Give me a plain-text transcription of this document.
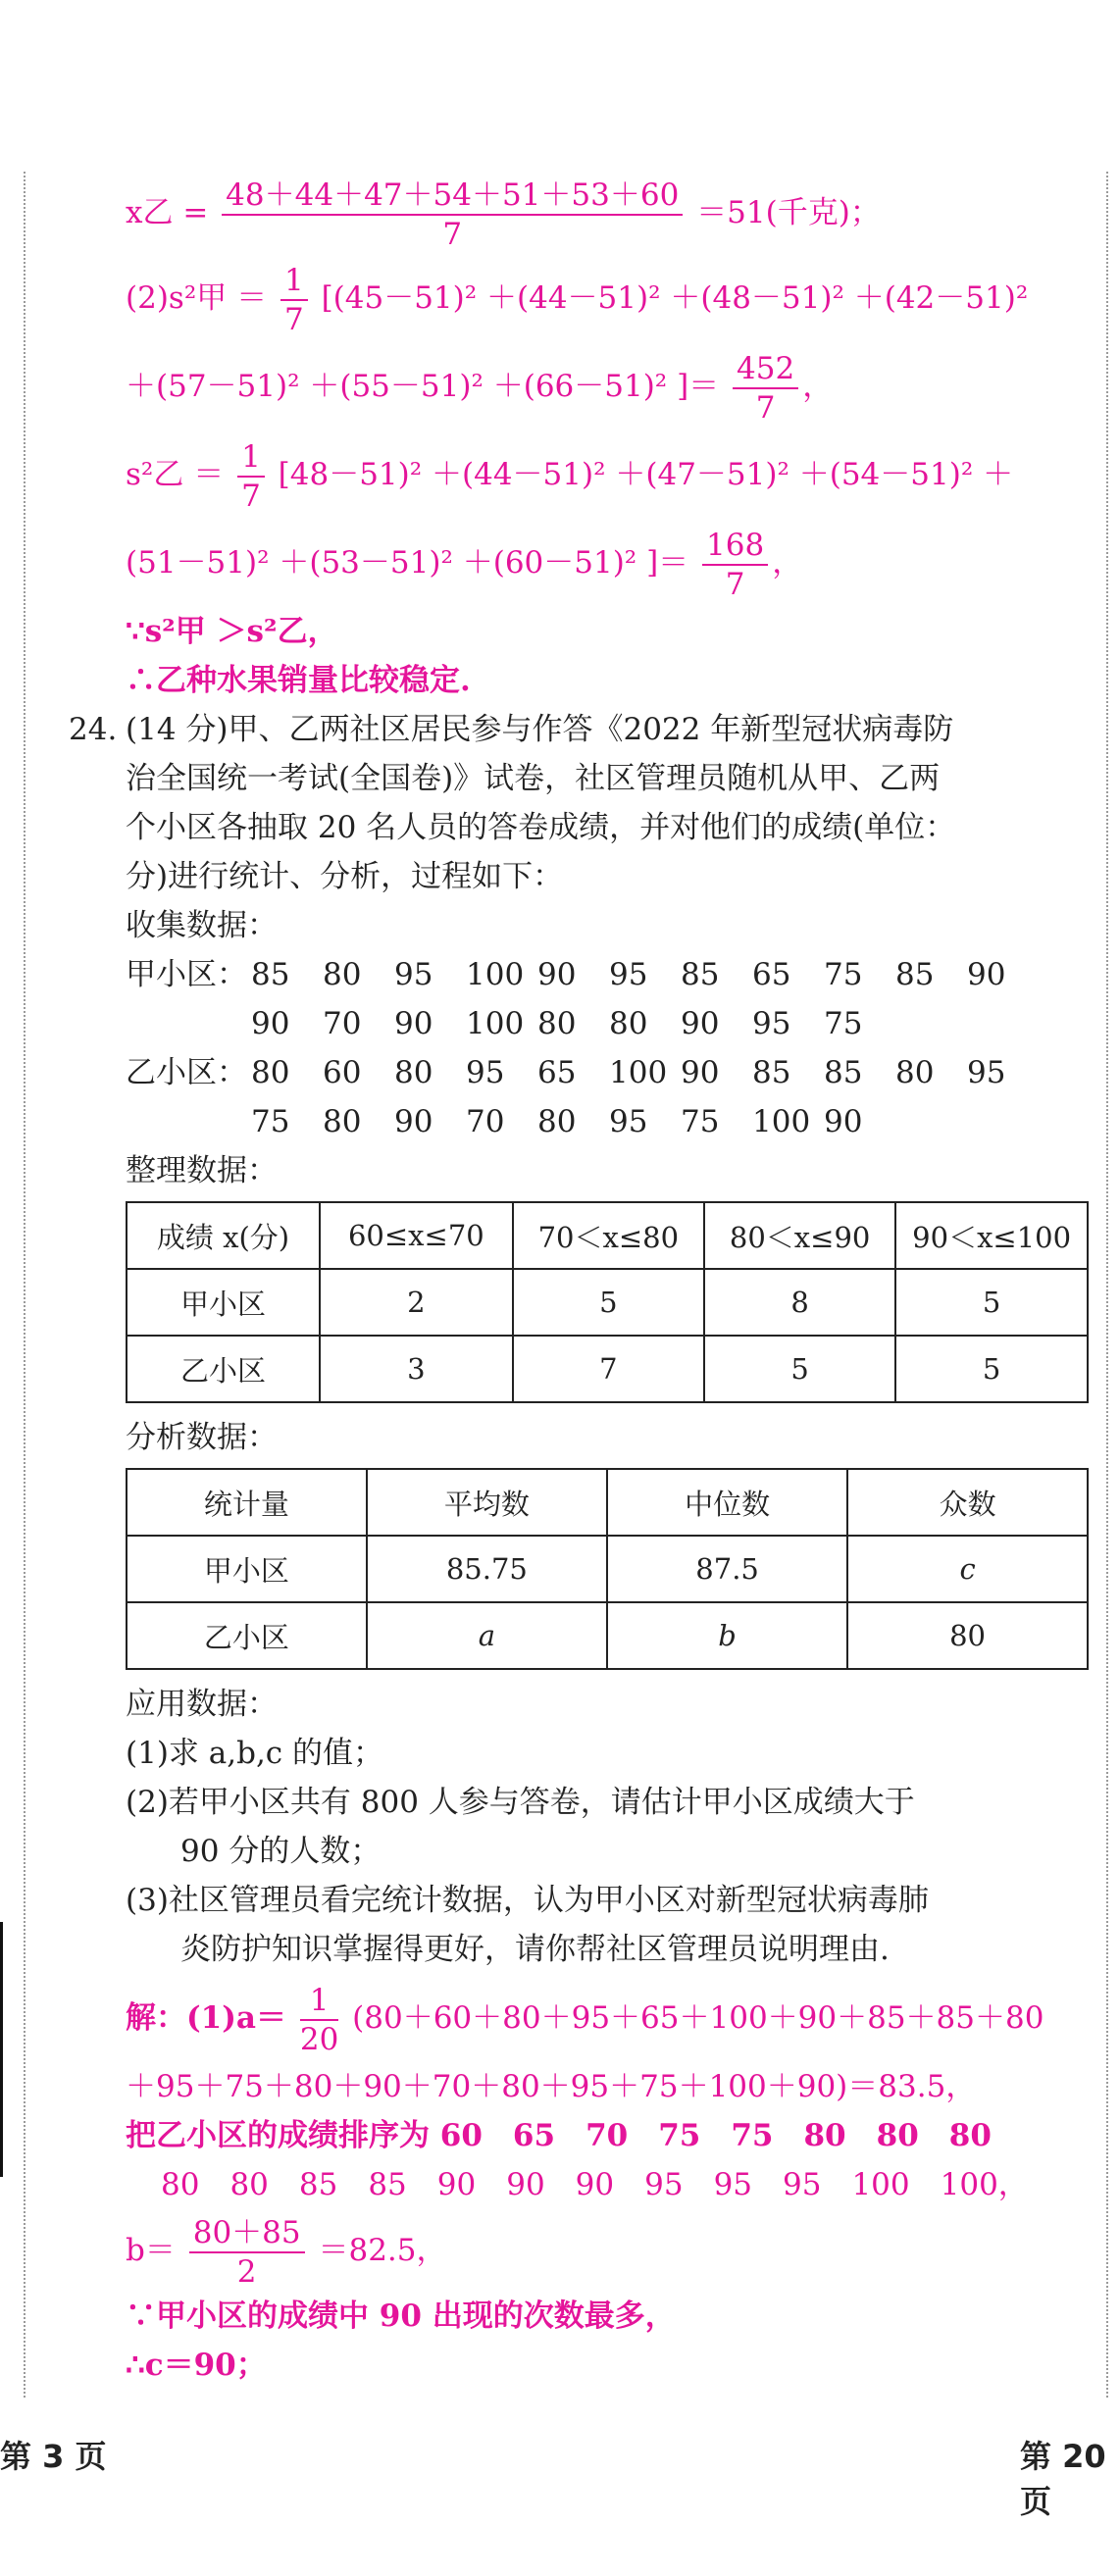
x乙 = $\frac{48+44+47+54+51+53+60}{7} =51$(千克)；
(2)s²甲 ＝ $\frac{1}{7} [(45-51)^2 +(44-51)^2 +(48-51)^2 +(42-51)^2$
＋(57－51)² ＋(55－51)² ＋(66－51)² ]＝ $\frac{452}{7}$ ，
s²乙 ＝ $\frac{1}{7} [48-51)^2 +(44-51)^2 +(47-51)^2 +(54-51)^2$ ＋
(51－51)² ＋(53－51)² ＋(60－51)² ]＝ $\frac{168}{7}$ ，
∵s²甲 ＞s²乙，
∴乙种水果销量比较稳定.
24. (14 分)甲、乙两社区居民参与作答《2022 年新型冠状病毒防
治全国统一考试(全国卷)》试卷，社区管理员随机从甲、乙两
个小区各抽取 20 名人员的答卷成绩，并对他们的成绩(单位：
分)进行统计、分析，过程如下：
收集数据：
甲小区： 85	80	95	100 90	95	85	65	75	85	90
90	70	90	100 80	80	90	95	75
乙小区： 80	60	80	95	65	100 90	85	85	80	95
75	80	90	70	80	95	75	100 90
整理数据：
成绩 x(分)	60≤x≤70	70＜x≤80	80＜x≤90	90＜x≤100
甲小区	2	5	8	5
乙小区	3	7	5	5
分析数据：
统计量	平均数	中位数	众数
甲小区	85.75	87.5	c
乙小区	a	b	80
应用数据：
(1)求 a,b,c 的值；
(2)若甲小区共有 800 人参与答卷，请估计甲小区成绩大于
90 分的人数；
(3)社区管理员看完统计数据，认为甲小区对新型冠状病毒肺
炎防护知识掌握得更好，请你帮社区管理员说明理由.
解：$(1)a= \frac{1}{20} (80+60+80+95+65+100+90+85+85+80$
＋95＋75＋80＋90＋70＋80＋95＋75＋100＋90)＝83.5，
把乙小区的成绩排序为 60　65　70　75　75　80　80　80
80　80　85　85　90　90　90　95　95　95　100　100，
$b= \frac{80+85}{2} =82.5$，
∵甲小区的成绩中 90 出现的次数最多，
∴c＝90；
第 3 页	第 20 页
